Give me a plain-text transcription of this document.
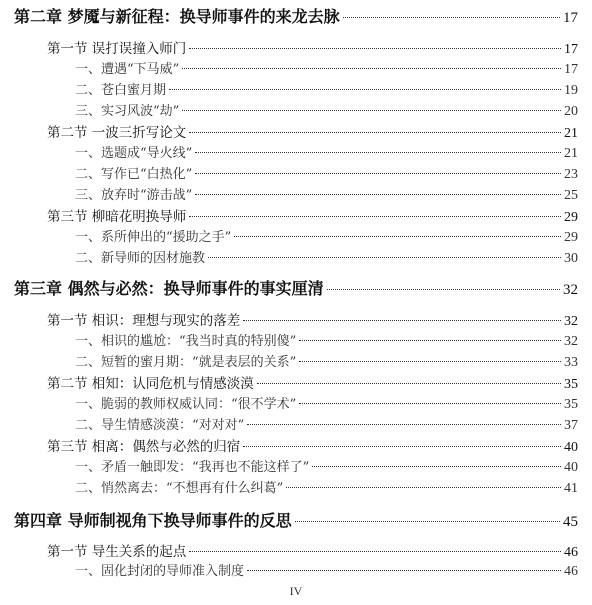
第二章 梦魇与新征程：换导师事件的来龙去脉	17
第一节 误打误撞入师门	17
一、遭遇“下马威”	17
二、苍白蜜月期	19
三、实习风波“劫”	20
第二节 一波三折写论文	21
一、选题成“导火线”	21
二、写作已“白热化”	23
三、放弃时“游击战”	25
第三节 柳暗花明换导师	29
一、系所伸出的“援助之手”	29
二、新导师的因材施教	30
第三章 偶然与必然：换导师事件的事实厘清	32
第一节 相识：理想与现实的落差	32
一、相识的尴尬：“我当时真的特别傻”	32
二、短暂的蜜月期：“就是表层的关系”	33
第二节 相知：认同危机与情感淡漠	35
一、脆弱的教师权威认同：“很不学术”	35
二、导生情感淡漠：“对对对”	37
第三节 相离：偶然与必然的归宿	40
一、矛盾一触即发：“我再也不能这样了”	40
二、悄然离去：“不想再有什么纠葛”	41
第四章 导师制视角下换导师事件的反思	45
第一节 导生关系的起点	46
一、固化封闭的导师准入制度	46
IV
